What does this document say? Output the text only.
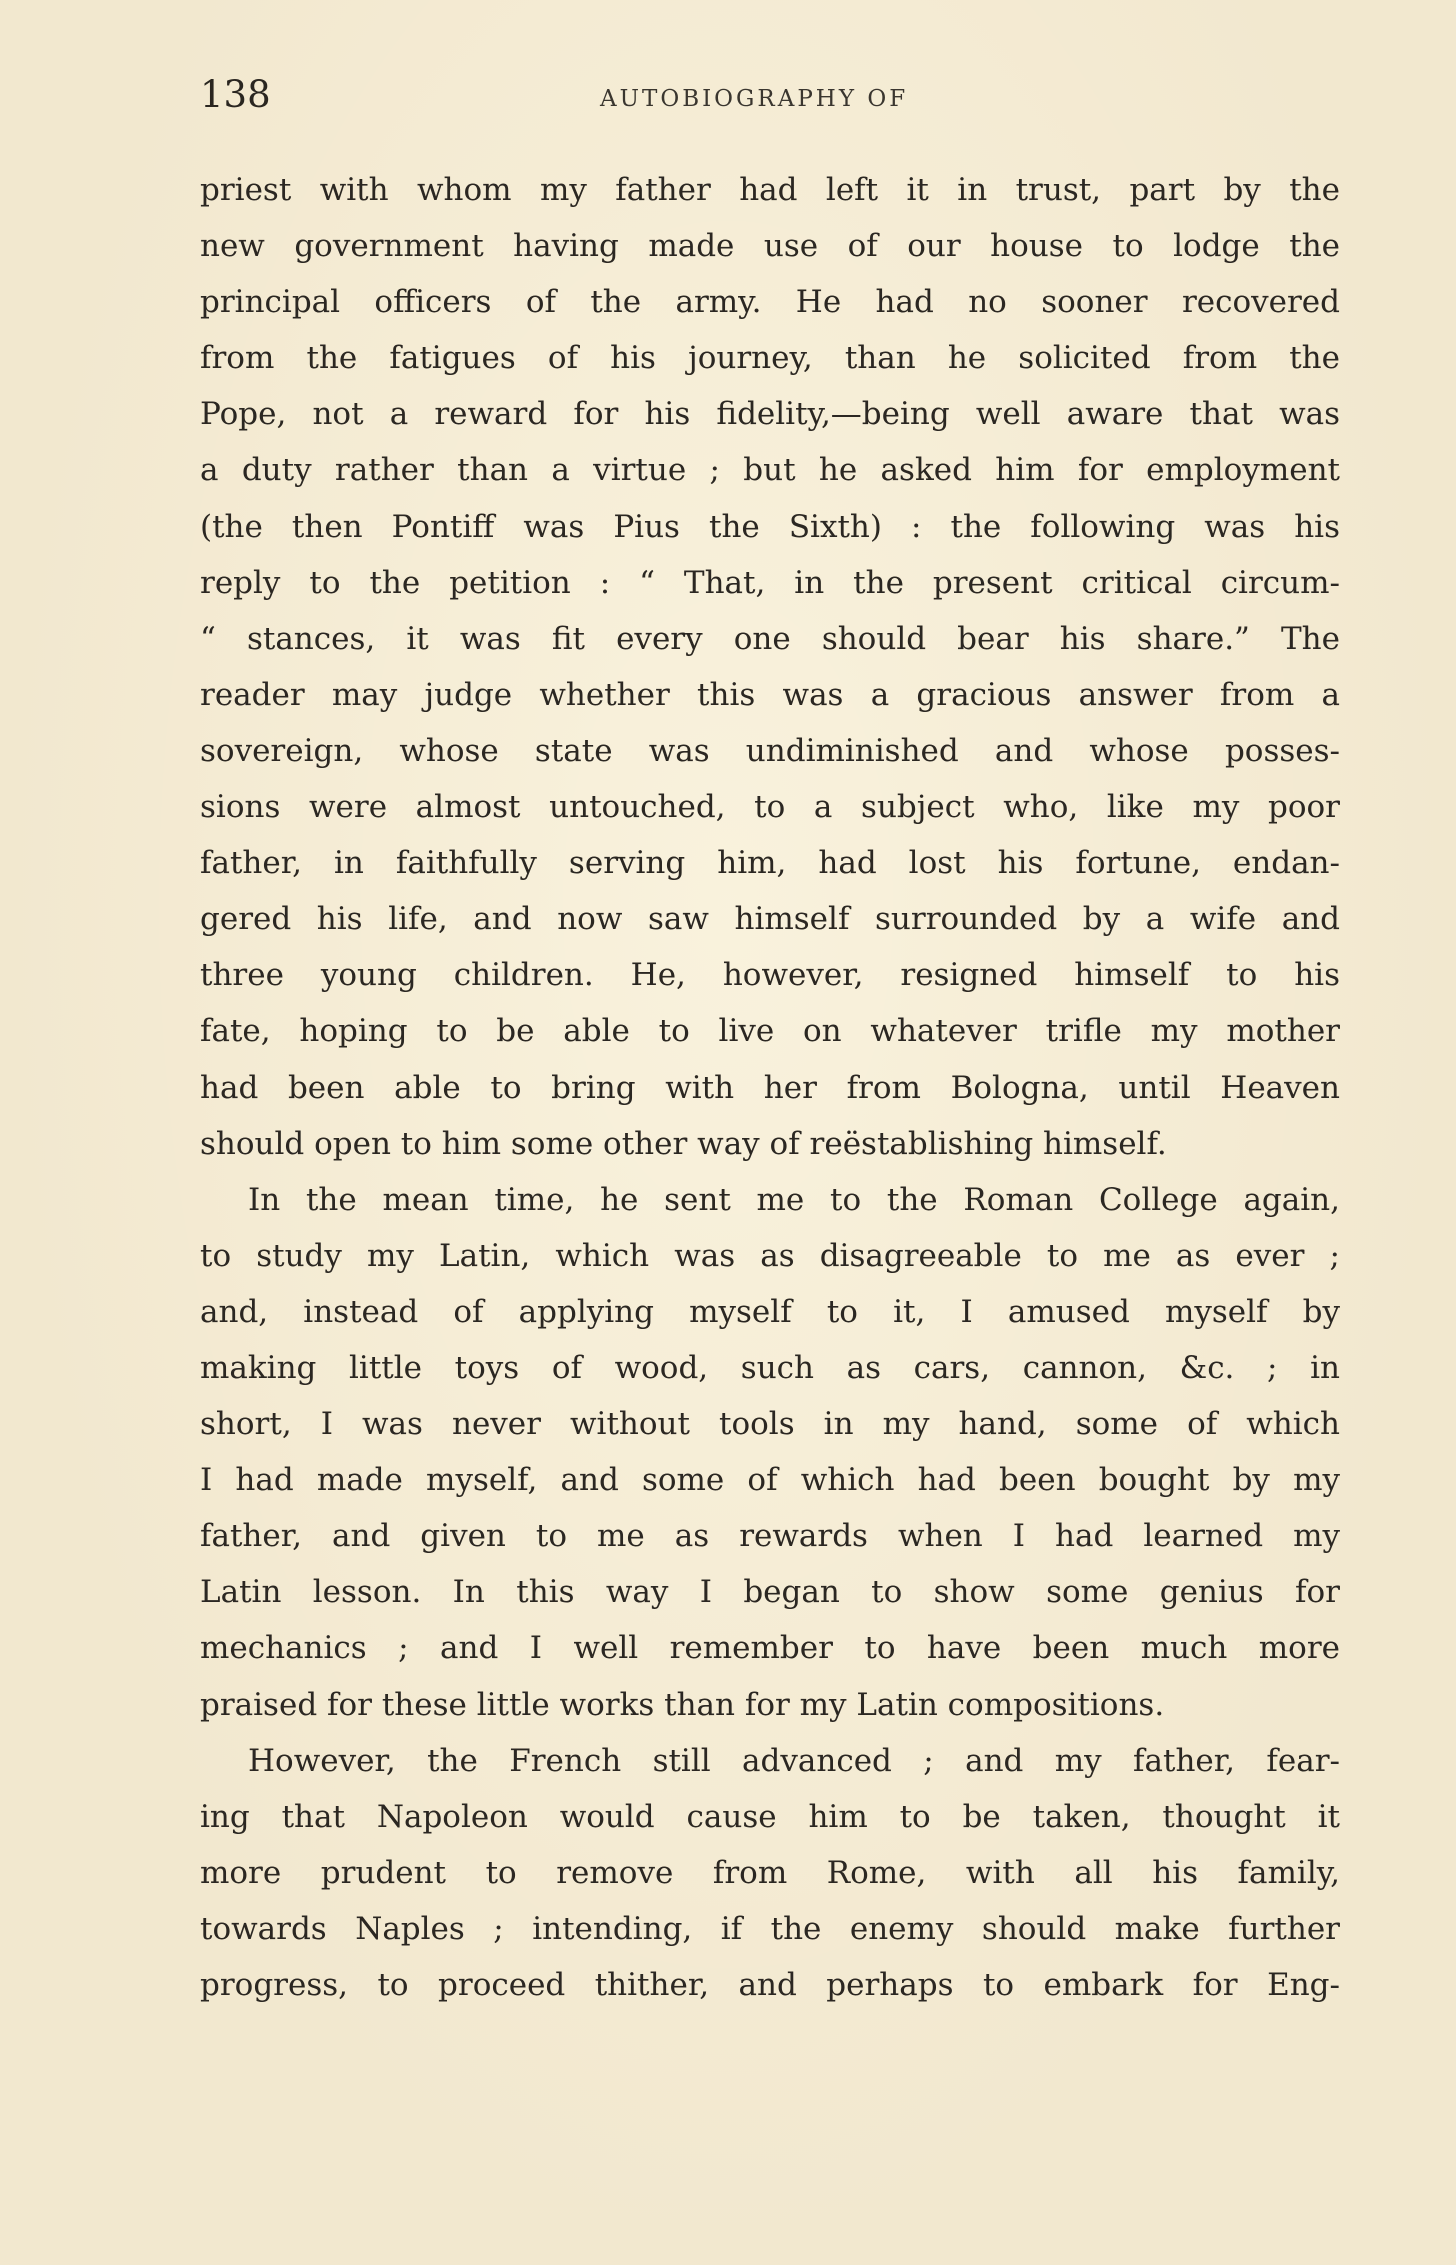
138	AUTOBIOGRAPHY OF
priest with whom my father had left it in trust, part by the
new government having made use of our house to lodge the
principal officers of the army. He had no sooner recovered
from the fatigues of his journey, than he solicited from the
Pope, not a reward for his fidelity,—being well aware that was
a duty rather than a virtue ; but he asked him for employment
(the then Pontiff was Pius the Sixth) : the following was his
reply to the petition : “ That, in the present critical circum-
“ stances, it was fit every one should bear his share.” The
reader may judge whether this was a gracious answer from a
sovereign, whose state was undiminished and whose posses-
sions were almost untouched, to a subject who, like my poor
father, in faithfully serving him, had lost his fortune, endan-
gered his life, and now saw himself surrounded by a wife and
three young children. He, however, resigned himself to his
fate, hoping to be able to live on whatever trifle my mother
had been able to bring with her from Bologna, until Heaven
should open to him some other way of reëstablishing himself.
In the mean time, he sent me to the Roman College again,
to study my Latin, which was as disagreeable to me as ever ;
and, instead of applying myself to it, I amused myself by
making little toys of wood, such as cars, cannon, &c. ; in
short, I was never without tools in my hand, some of which
I had made myself, and some of which had been bought by my
father, and given to me as rewards when I had learned my
Latin lesson. In this way I began to show some genius for
mechanics ; and I well remember to have been much more
praised for these little works than for my Latin compositions.
However, the French still advanced ; and my father, fear-
ing that Napoleon would cause him to be taken, thought it
more prudent to remove from Rome, with all his family,
towards Naples ; intending, if the enemy should make further
progress, to proceed thither, and perhaps to embark for Eng-
